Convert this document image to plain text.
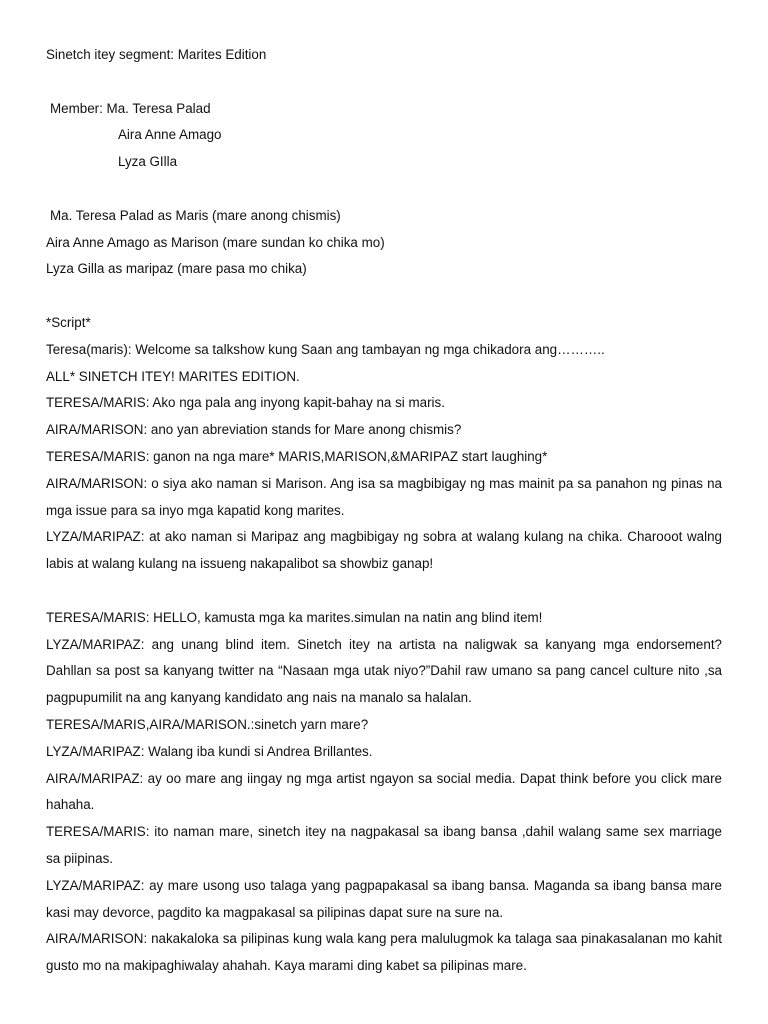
Sinetch itey segment: Marites Edition

Member: Ma. Teresa Palad

Aira Anne Amago

Lyza GIlla

Ma. Teresa Palad as Maris (mare anong chismis)

Aira Anne Amago as Marison (mare sundan ko chika mo)

Lyza Gilla as maripaz (mare pasa mo chika)

*Script*

Teresa(maris): Welcome sa talkshow kung Saan ang tambayan ng mga chikadora ang………..

ALL* SINETCH ITEY! MARITES EDITION.

TERESA/MARIS: Ako nga pala ang inyong kapit-bahay na si maris.

AIRA/MARISON: ano yan abreviation stands for Mare anong chismis?

TERESA/MARIS: ganon na nga mare* MARIS,MARISON,&MARIPAZ start laughing*

AIRA/MARISON: o siya ako naman si Marison. Ang isa sa magbibigay ng mas mainit pa sa panahon ng pinas na mga issue para sa inyo mga kapatid kong marites.

LYZA/MARIPAZ: at ako naman si Maripaz ang magbibigay ng sobra at walang kulang na chika. Charooot walng labis at walang kulang na issueng nakapalibot sa showbiz ganap!

TERESA/MARIS: HELLO, kamusta mga ka marites.simulan na natin ang blind item!

LYZA/MARIPAZ: ang unang blind item. Sinetch itey na artista na naligwak sa kanyang mga endorsement? Dahllan sa post sa kanyang twitter na “Nasaan mga utak niyo?”Dahil raw umano sa pang cancel culture nito ,sa pagpupumilit na ang kanyang kandidato ang nais na manalo sa halalan.

TERESA/MARIS,AIRA/MARISON.:sinetch yarn mare?

LYZA/MARIPAZ: Walang iba kundi si Andrea Brillantes.

AIRA/MARIPAZ: ay oo mare ang iingay ng mga artist ngayon sa social media. Dapat think before you click mare hahaha.

TERESA/MARIS: ito naman mare, sinetch itey na nagpakasal sa ibang bansa ,dahil walang same sex marriage sa piipinas.

LYZA/MARIPAZ: ay mare usong uso talaga yang pagpapakasal sa ibang bansa. Maganda sa ibang bansa mare kasi may devorce, pagdito ka magpakasal sa pilipinas dapat sure na sure na.

AIRA/MARISON: nakakaloka sa pilipinas kung wala kang pera malulugmok ka talaga saa pinakasalanan mo kahit gusto mo na makipaghiwalay ahahah. Kaya marami ding kabet sa pilipinas mare.
